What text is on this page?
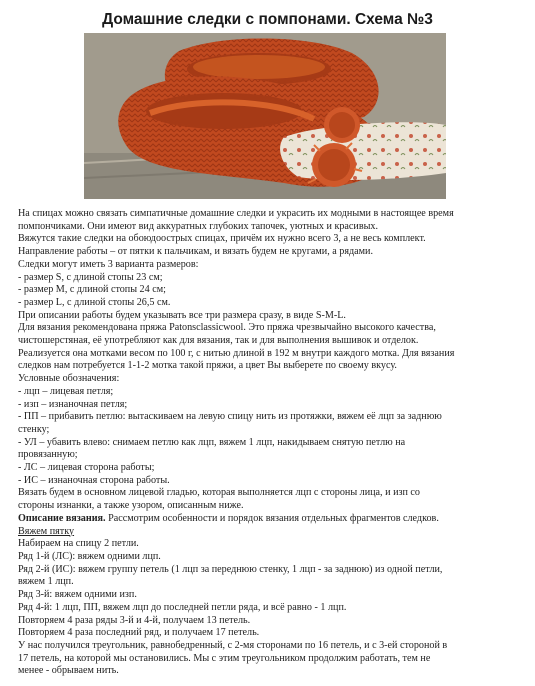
Домашние следки с помпонами. Схема №3

На спицах можно связать симпатичные домашние следки и украсить их модными в настоящее время

помпончиками. Они имеют вид аккуратных глубоких тапочек, уютных и красивых.

Вяжутся такие следки на обоюдоострых спицах, причём их нужно всего 3, а не весь комплект.

Направление работы – от пятки к пальчикам, и вязать будем не кругами, а рядами.

Следки могут иметь 3 варианта размеров:

- размер S, с длиной стопы 23 см;

- размер M, с длиной стопы 24 см;

- размер L, с длиной стопы 26,5 см.

При описании работы будем указывать все три размера сразу, в виде S-M-L.

Для вязания рекомендована пряжа Patonsclassicwool. Это пряжа чрезвычайно высокого качества,

чистошерстяная, её употребляют как для вязания, так и для выполнения вышивок и отделок.

Реализуется она мотками весом по 100 г, с нитью длиной в 192 м внутри каждого мотка. Для вязания

следков нам потребуется 1-1-2 мотка такой пряжи, а цвет Вы выберете по своему вкусу.

Условные обозначения:

- лцп – лицевая петля;

- изп – изнаночная петля;

- ПП – прибавить петлю: вытаскиваем на левую спицу нить из протяжки, вяжем её лцп за заднюю

стенку;

- УЛ – убавить влево: снимаем петлю как лцп, вяжем 1 лцп, накидываем снятую петлю на

провязанную;

- ЛС – лицевая сторона работы;

- ИС – изнаночная сторона работы.

Вязать будем в основном лицевой гладью, которая выполняется лцп с стороны лица, и изп со

стороны изнанки, а также узором, описанным ниже.

Описание вязания. Рассмотрим особенности и порядок вязания отдельных фрагментов следков.

Вяжем пятку

Набираем на спицу 2 петли.

Ряд 1-й (ЛС): вяжем одними лцп.

Ряд 2-й (ИС): вяжем группу петель (1 лцп за переднюю стенку, 1 лцп - за заднюю) из одной петли,

вяжем 1 лцп.

Ряд 3-й: вяжем одними изп.

Ряд 4-й: 1 лцп, ПП, вяжем лцп до последней петли ряда, и всё равно - 1 лцп.

Повторяем 4 раза ряды 3-й и 4-й, получаем 13 петель.

Повторяем 4 раза последний ряд, и получаем 17 петель.

У нас получился треугольник, равнобедренный, с 2-мя сторонами по 16 петель, и с 3-ей стороной в

17 петель, на которой мы остановились. Мы с этим треугольником продолжим работать, тем не

менее - обрываем нить.
